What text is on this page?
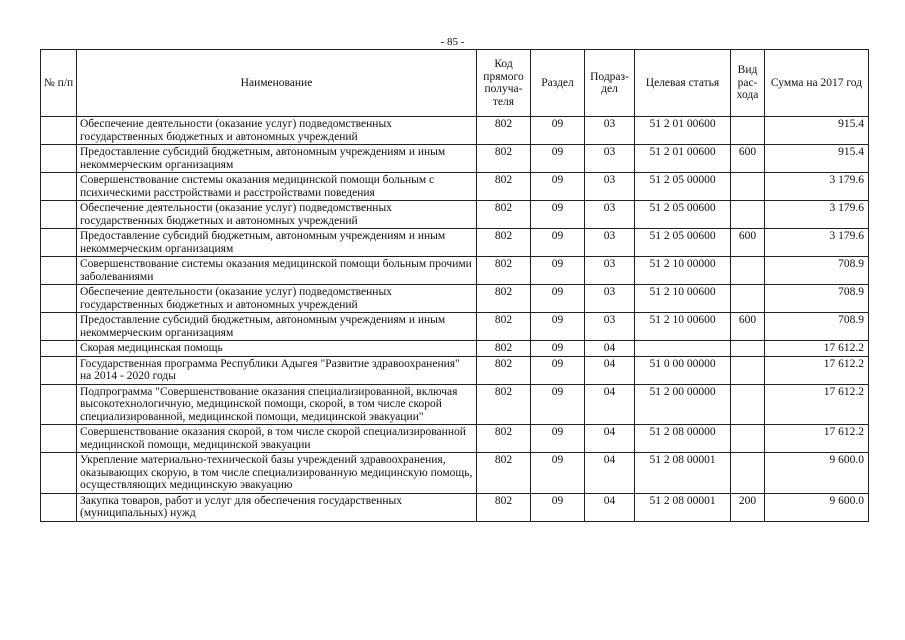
- 85 -
№ п/п	Наименование	Код прямого получа-теля	Раздел	Подраз-дел	Целевая статья	Вид рас-хода	Сумма на 2017 год
	Обеспечение деятельности (оказание услуг) подведомственных государственных бюджетных и автономных учреждений	802	09	03	51 2 01 00600		915.4
	Предоставление субсидий бюджетным, автономным учреждениям и иным некоммерческим организациям	802	09	03	51 2 01 00600	600	915.4
	Совершенствование системы оказания медицинской помощи больным с психическими расстройствами и расстройствами поведения	802	09	03	51 2 05 00000		3 179.6
	Обеспечение деятельности (оказание услуг) подведомственных государственных бюджетных и автономных учреждений	802	09	03	51 2 05 00600		3 179.6
	Предоставление субсидий бюджетным, автономным учреждениям и иным некоммерческим организациям	802	09	03	51 2 05 00600	600	3 179.6
	Совершенствование системы оказания медицинской помощи больным прочими заболеваниями	802	09	03	51 2 10 00000		708.9
	Обеспечение деятельности (оказание услуг) подведомственных государственных бюджетных и автономных учреждений	802	09	03	51 2 10 00600		708.9
	Предоставление субсидий бюджетным, автономным учреждениям и иным некоммерческим организациям	802	09	03	51 2 10 00600	600	708.9
	Скорая медицинская помощь	802	09	04			17 612.2
	Государственная программа Республики Адыгея "Развитие здравоохранения" на 2014 - 2020 годы	802	09	04	51 0 00 00000		17 612.2
	Подпрограмма "Совершенствование оказания специализированной, включая высокотехнологичную, медицинской помощи, скорой, в том числе скорой специализированной, медицинской помощи, медицинской эвакуации"	802	09	04	51 2 00 00000		17 612.2
	Совершенствование оказания скорой, в том числе скорой специализированной медицинской помощи, медицинской эвакуации	802	09	04	51 2 08 00000		17 612.2
	Укрепление материально-технической базы учреждений здравоохранения, оказывающих скорую, в том числе специализированную медицинскую помощь, осуществляющих медицинскую эвакуацию	802	09	04	51 2 08 00001		9 600.0
	Закупка товаров, работ и услуг для обеспечения государственных (муниципальных) нужд	802	09	04	51 2 08 00001	200	9 600.0
